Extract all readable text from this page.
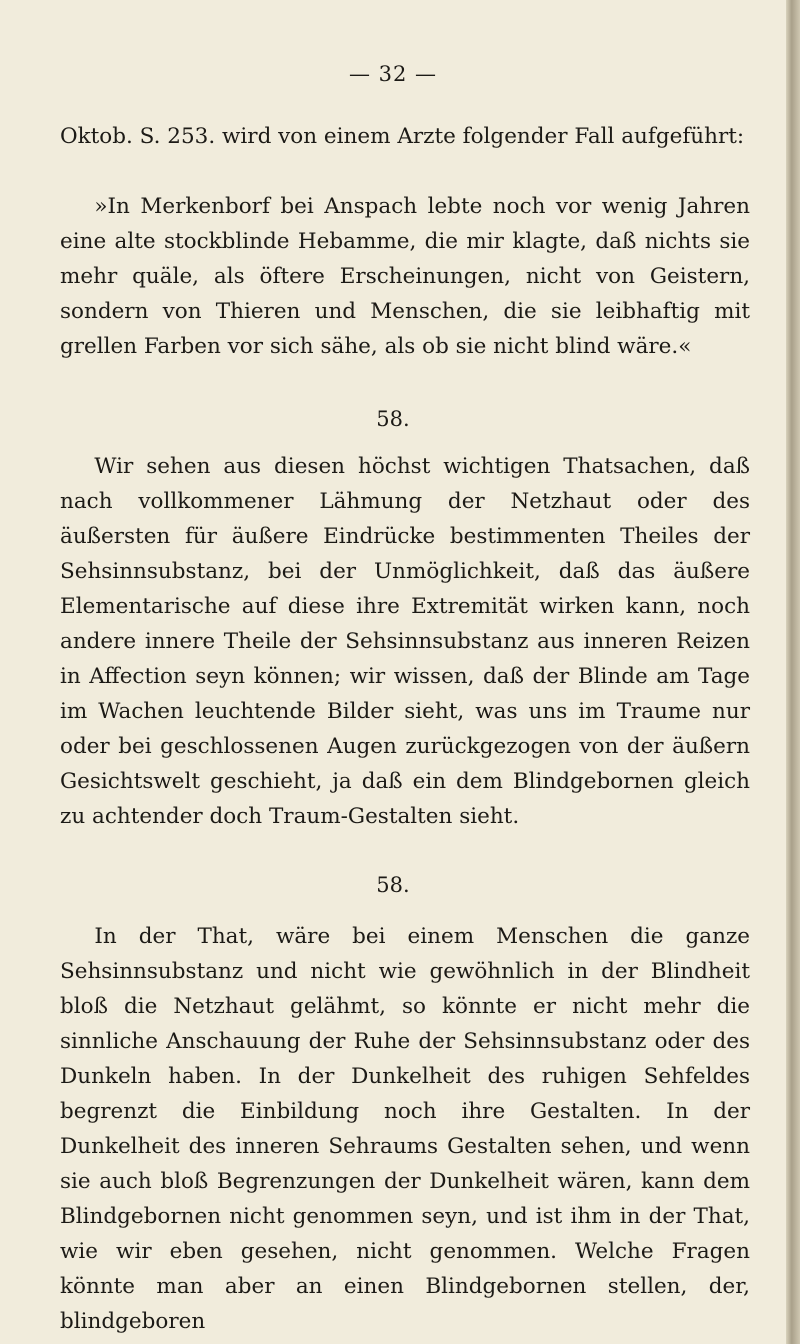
— 32 —

Oktob. S. 253. wird von einem Arzte folgender Fall aufgeführt:

»In Merkenborf bei Anspach lebte noch vor wenig Jahren eine alte stockblinde Hebamme, die mir klagte, daß nichts sie mehr quäle, als öftere Erscheinungen, nicht von Geistern, sondern von Thieren und Menschen, die sie leibhaftig mit grellen Farben vor sich sähe, als ob sie nicht blind wäre.«

58.

Wir sehen aus diesen höchst wichtigen Thatsachen, daß nach vollkommener Lähmung der Netzhaut oder des äußersten für äußere Eindrücke bestimmenten Theiles der Sehsinnsubstanz, bei der Unmöglichkeit, daß das äußere Elementarische auf diese ihre Extremität wirken kann, noch andere innere Theile der Sehsinnsubstanz aus inneren Reizen in Affection seyn können; wir wissen, daß der Blinde am Tage im Wachen leuchtende Bilder sieht, was uns im Traume nur oder bei geschlossenen Augen zurückgezogen von der äußern Gesichtswelt geschieht, ja daß ein dem Blindgebornen gleich zu achtender doch Traum-Gestalten sieht.

58.

In der That, wäre bei einem Menschen die ganze Sehsinnsubstanz und nicht wie gewöhnlich in der Blindheit bloß die Netzhaut gelähmt, so könnte er nicht mehr die sinnliche Anschauung der Ruhe der Sehsinnsubstanz oder des Dunkeln haben. In der Dunkelheit des ruhigen Sehfeldes begrenzt die Einbildung noch ihre Gestalten. In der Dunkelheit des inneren Sehraums Gestalten sehen, und wenn sie auch bloß Begrenzungen der Dunkelheit wären, kann dem Blindgebornen nicht genommen seyn, und ist ihm in der That, wie wir eben gesehen, nicht genommen. Welche Fragen könnte man aber an einen Blindgebornen stellen, der, blindgeboren
